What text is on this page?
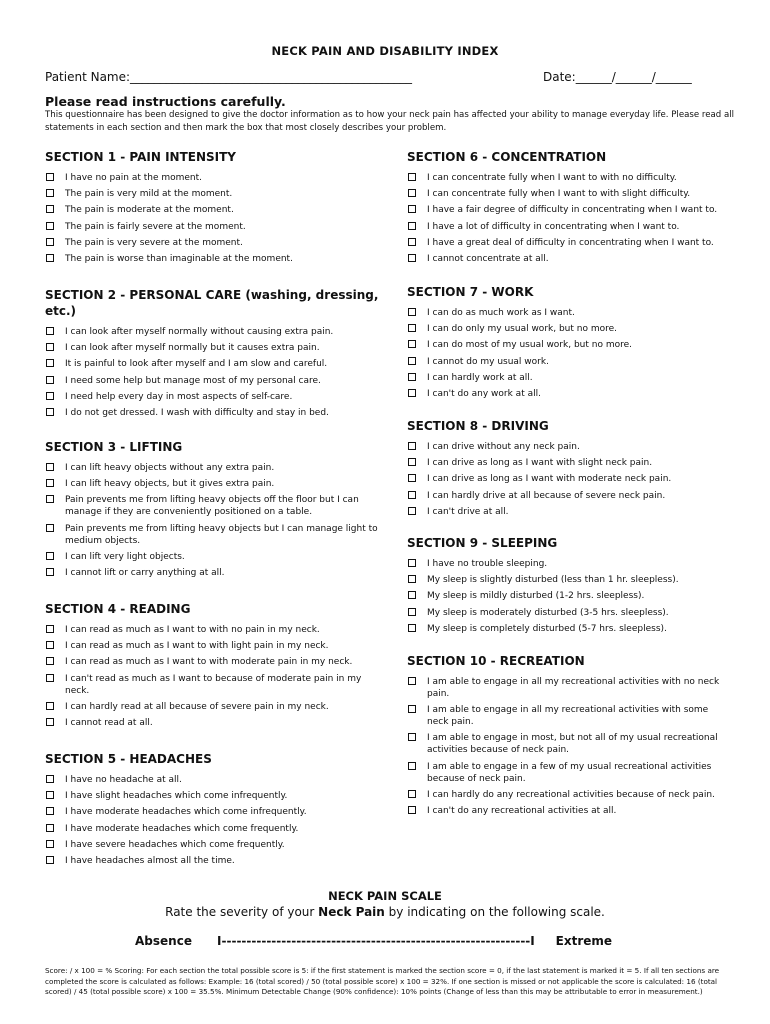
NECK PAIN AND DISABILITY INDEX
Patient Name:_______________________________________________	Date:______/______/______
Please read instructions carefully.
This questionnaire has been designed to give the doctor information as to how your neck pain has affected your ability to manage everyday life. Please read all statements in each section and then mark the box that most closely describes your problem.
SECTION 1 - PAIN INTENSITY
I have no pain at the moment.
The pain is very mild at the moment.
The pain is moderate at the moment.
The pain is fairly severe at the moment.
The pain is very severe at the moment.
The pain is worse than imaginable at the moment.
SECTION 2 - PERSONAL CARE (washing, dressing, etc.)
I can look after myself normally without causing extra pain.
I can look after myself normally but it causes extra pain.
It is painful to look after myself and I am slow and careful.
I need some help but manage most of my personal care.
I need help every day in most aspects of self-care.
I do not get dressed. I wash with difficulty and stay in bed.
SECTION 3 - LIFTING
I can lift heavy objects without any extra pain.
I can lift heavy objects, but it gives extra pain.
Pain prevents me from lifting heavy objects off the floor but I can manage if they are conveniently positioned on a table.
Pain prevents me from lifting heavy objects but I can manage light to medium objects.
I can lift very light objects.
I cannot lift or carry anything at all.
SECTION 4 - READING
I can read as much as I want to with no pain in my neck.
I can read as much as I want to with light pain in my neck.
I can read as much as I want to with moderate pain in my neck.
I can't read as much as I want to because of moderate pain in my neck.
I can hardly read at all because of severe pain in my neck.
I cannot read at all.
SECTION 5 - HEADACHES
I have no headache at all.
I have slight headaches which come infrequently.
I have moderate headaches which come infrequently.
I have moderate headaches which come frequently.
I have severe headaches which come frequently.
I have headaches almost all the time.
SECTION 6 - CONCENTRATION
I can concentrate fully when I want to with no difficulty.
I can concentrate fully when I want to with slight difficulty.
I have a fair degree of difficulty in concentrating when I want to.
I have a lot of difficulty in concentrating when I want to.
I have a great deal of difficulty in concentrating when I want to.
I cannot concentrate at all.
SECTION 7 - WORK
I can do as much work as I want.
I can do only my usual work, but no more.
I can do most of my usual work, but no more.
I cannot do my usual work.
I can hardly work at all.
I can't do any work at all.
SECTION 8 - DRIVING
I can drive without any neck pain.
I can drive as long as I want with slight neck pain.
I can drive as long as I want with moderate neck pain.
I can hardly drive at all because of severe neck pain.
I can't drive at all.
SECTION 9 - SLEEPING
I have no trouble sleeping.
My sleep is slightly disturbed (less than 1 hr. sleepless).
My sleep is mildly disturbed (1-2 hrs. sleepless).
My sleep is moderately disturbed (3-5 hrs. sleepless).
My sleep is completely disturbed (5-7 hrs. sleepless).
SECTION 10 - RECREATION
I am able to engage in all my recreational activities with no neck pain.
I am able to engage in all my recreational activities with some neck pain.
I am able to engage in most, but not all of my usual recreational activities because of neck pain.
I am able to engage in a few of my usual recreational activities because of neck pain.
I can hardly do any recreational activities because of neck pain.
I can't do any recreational activities at all.
NECK PAIN SCALE
Rate the severity of your Neck Pain by indicating on the following scale.
Absence I--------------------------------------------------------------I Extreme
Score: / x 100 = % Scoring: For each section the total possible score is 5: if the first statement is marked the section score = 0, if the last statement is marked it = 5. If all ten sections are completed the score is calculated as follows: Example: 16 (total scored) / 50 (total possible score) x 100 = 32%. If one section is missed or not applicable the score is calculated: 16 (total scored) / 45 (total possible score) x 100 = 35.5%. Minimum Detectable Change (90% confidence): 10% points (Change of less than this may be attributable to error in measurement.)
